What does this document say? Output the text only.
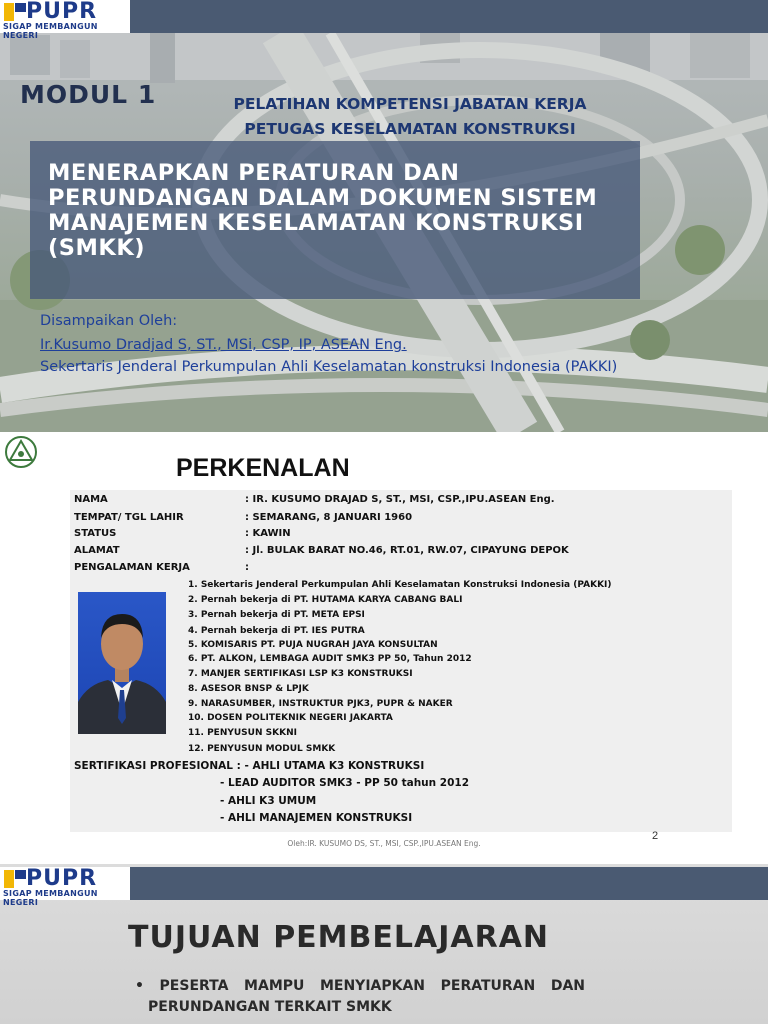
PUPR
SIGAP MEMBANGUN NEGERI
MODUL 1	PELATIHAN KOMPETENSI JABATAN KERJA
PETUGAS KESELAMATAN KONSTRUKSI
MENERAPKAN PERATURAN DAN PERUNDANGAN DALAM DOKUMEN SISTEM MANAJEMEN KESELAMATAN KONSTRUKSI (SMKK)
Disampaikan Oleh:
Ir.Kusumo Dradjad S, ST., MSi, CSP, IP, ASEAN Eng.
Sekertaris Jenderal Perkumpulan Ahli Keselamatan konstruksi Indonesia (PAKKI)
PERKENALAN
NAMA	: IR. KUSUMO DRAJAD S, ST., MSI, CSP.,IPU.ASEAN Eng.
TEMPAT/ TGL LAHIR	: SEMARANG, 8 JANUARI 1960
STATUS	: KAWIN
ALAMAT	: Jl. BULAK BARAT NO.46, RT.01, RW.07, CIPAYUNG DEPOK
PENGALAMAN KERJA	:
1. Sekertaris Jenderal Perkumpulan Ahli Keselamatan Konstruksi Indonesia (PAKKI)
2. Pernah bekerja di PT. HUTAMA KARYA CABANG BALI
3. Pernah bekerja di PT. META EPSI
4. Pernah bekerja di PT. IES PUTRA
5. KOMISARIS PT. PUJA NUGRAH JAYA KONSULTAN
6. PT. ALKON, LEMBAGA AUDIT SMK3 PP 50, Tahun 2012
7. MANJER SERTIFIKASI LSP K3 KONSTRUKSI
8. ASESOR BNSP & LPJK
9. NARASUMBER, INSTRUKTUR PJK3, PUPR & NAKER
10. DOSEN POLITEKNIK NEGERI JAKARTA
11. PENYUSUN SKKNI
12. PENYUSUN MODUL SMKK
SERTIFIKASI PROFESIONAL : - AHLI UTAMA K3 KONSTRUKSI
- LEAD AUDITOR SMK3 - PP 50 tahun 2012
- AHLI K3 UMUM
- AHLI MANAJEMEN KONSTRUKSI
2
Oleh:IR. KUSUMO DS, ST., MSI, CSP.,IPU.ASEAN Eng.
PUPR
SIGAP MEMBANGUN NEGERI
TUJUAN PEMBELAJARAN
• PESERTA MAMPU MENYIAPKAN PERATURAN DAN
PERUNDANGAN TERKAIT SMKK
